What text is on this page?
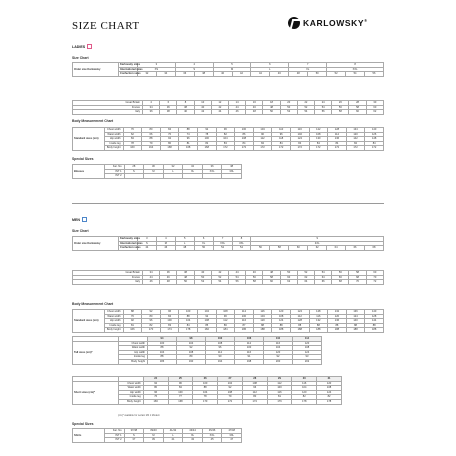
SIZE CHART	KARLOWSKY®
LADIES
Size Chart
Order size Karlowsky	Karlowsky sizes	3		4		5		6		7		8		
	International sizes	XS		S		M		L		XL		XXL		
	Confection sizes	32	34	36	38	40	42	44	46	48	50	52	54	56
Great Britain	4	6	8	10	12	14	16	18	20	22	24	26	28	30
France	34	36	38	40	42	44	46	48	50	52	54	56	58	60
Italy	36	38	40	42	44	46	48	50	52	54	56	58	60	62
Body Measurement Chart
Standard sizes (cm)	Chest width	76	80	84	88	92	96	100	104	110	116	122	128	134	140
	Waist width	62	66	70	74	78	82	86	90	96	102	108	114	120	126
	Hip width	84	88	92	96	100	104	108	112	118	124	130	136	142	148
	Inside leg	78	79	80	81	82	83	84	84	84	84	84	84	84	84
	Body height	160	164	168	168	168	172	172	172	172	172	172	172	172	172
Special Sizes
Blouses	Kar. No	28	30	32	34	36	38
	INT 1	S	M	L	XL	XXL	3XL
	INT 2						
MEN
Size Chart
Order size Karlowsky	Karlowsky sizes	3	4	5	6	7	8	9						
	International sizes	S	M	L	XL	XXL	3XL	4XL						
	Confection sizes	44	46	48	50	52	54	56	58	60	62	64	66	68
Great Britain	34	36	38	40	42	44	46	48	50	52	54	56	58	60
France	44	46	48	50	52	54	56	58	60	62	64	66	68	70
Italy	46	48	50	52	54	56	58	60	62	64	66	68	70	72
Body Measurement Chart
Standard sizes (cm)	Chest width	88	92	96	100	104	108	112	116	120	124	128	132	136	140
	Waist width	76	80	84	88	92	96	100	104	108	112	116	120	124	128
	Hip width	92	96	100	104	108	112	116	120	124	128	132	136	140	144
	Inside leg	81	82	83	84	85	86	87	88	88	88	88	88	88	88
	Body height	166	170	174	178	182	184	186	188	188	188	188	188	188	188
		94	98	102	106	110	114
Tall sizes (cm)*	Chest width	100	104	108	112	116	120
	Waist width	88	92	96	100	104	108
	Hip width	104	108	112	116	120	124
	Inside leg	88	89	90	91	92	93
	Body height	186	190	194	198	200	202
		24	25	26	27	28	29	30	31
Short sizes (cm)*	Chest width	92	96	100	104	108	112	116	120
	Waist width	80	84	88	92	96	100	104	108
	Hip width	96	100	104	108	112	116	120	124
	Inside leg	76	77	78	79	80	81	82	82
	Body height	166	168	170	172	174	176	178	178
(cm)* available for certain M4 1 Modern
Special Sizes
Shirts	Kar. No	37/38	39/40	41/42	43/44	45/46	47/48
	INT 1	S	M	L	XL	XXL	3XL
	INT 2	37	39	41	43	45	47
